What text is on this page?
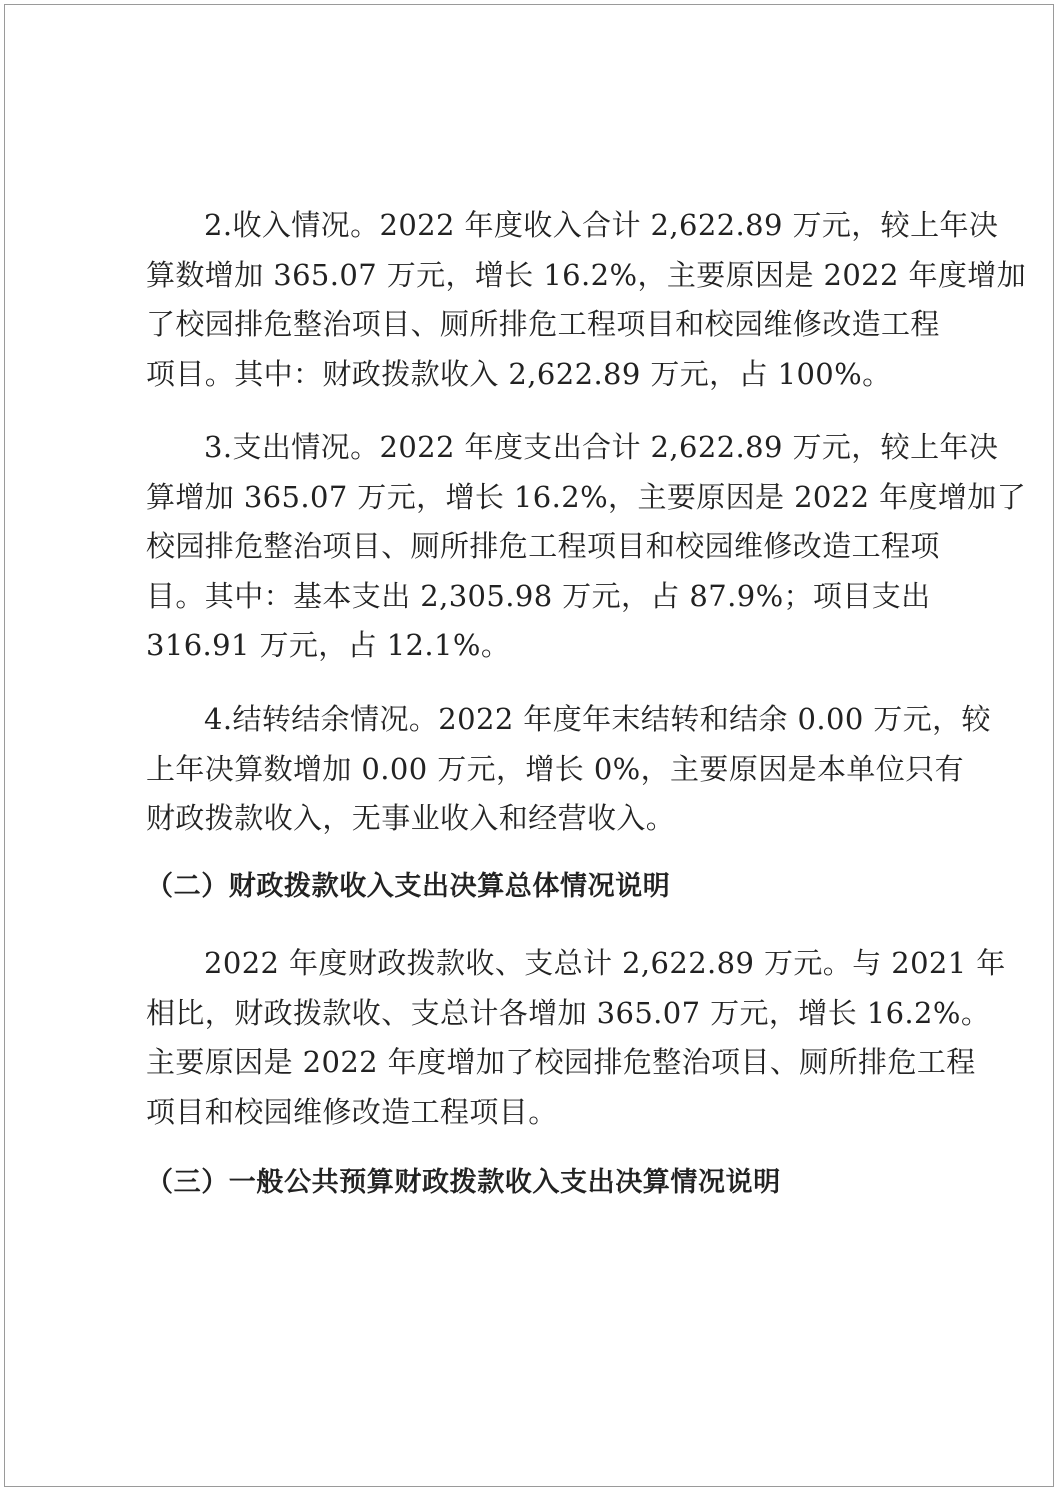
2.收入情况。2022 年度收入合计 2,622.89 万元，较上年决
算数增加 365.07 万元，增长 16.2%，主要原因是 2022 年度增加
了校园排危整治项目、厕所排危工程项目和校园维修改造工程
项目。其中：财政拨款收入 2,622.89 万元，占 100%。

3.支出情况。2022 年度支出合计 2,622.89 万元，较上年决
算增加 365.07 万元，增长 16.2%，主要原因是 2022 年度增加了
校园排危整治项目、厕所排危工程项目和校园维修改造工程项
目。其中：基本支出 2,305.98 万元，占 87.9%；项目支出
316.91 万元，占 12.1%。

4.结转结余情况。2022 年度年末结转和结余 0.00 万元，较
上年决算数增加 0.00 万元，增长 0%，主要原因是本单位只有
财政拨款收入，无事业收入和经营收入。

（二）财政拨款收入支出决算总体情况说明

2022 年度财政拨款收、支总计 2,622.89 万元。与 2021 年
相比，财政拨款收、支总计各增加 365.07 万元，增长 16.2%。
主要原因是 2022 年度增加了校园排危整治项目、厕所排危工程
项目和校园维修改造工程项目。

（三）一般公共预算财政拨款收入支出决算情况说明
